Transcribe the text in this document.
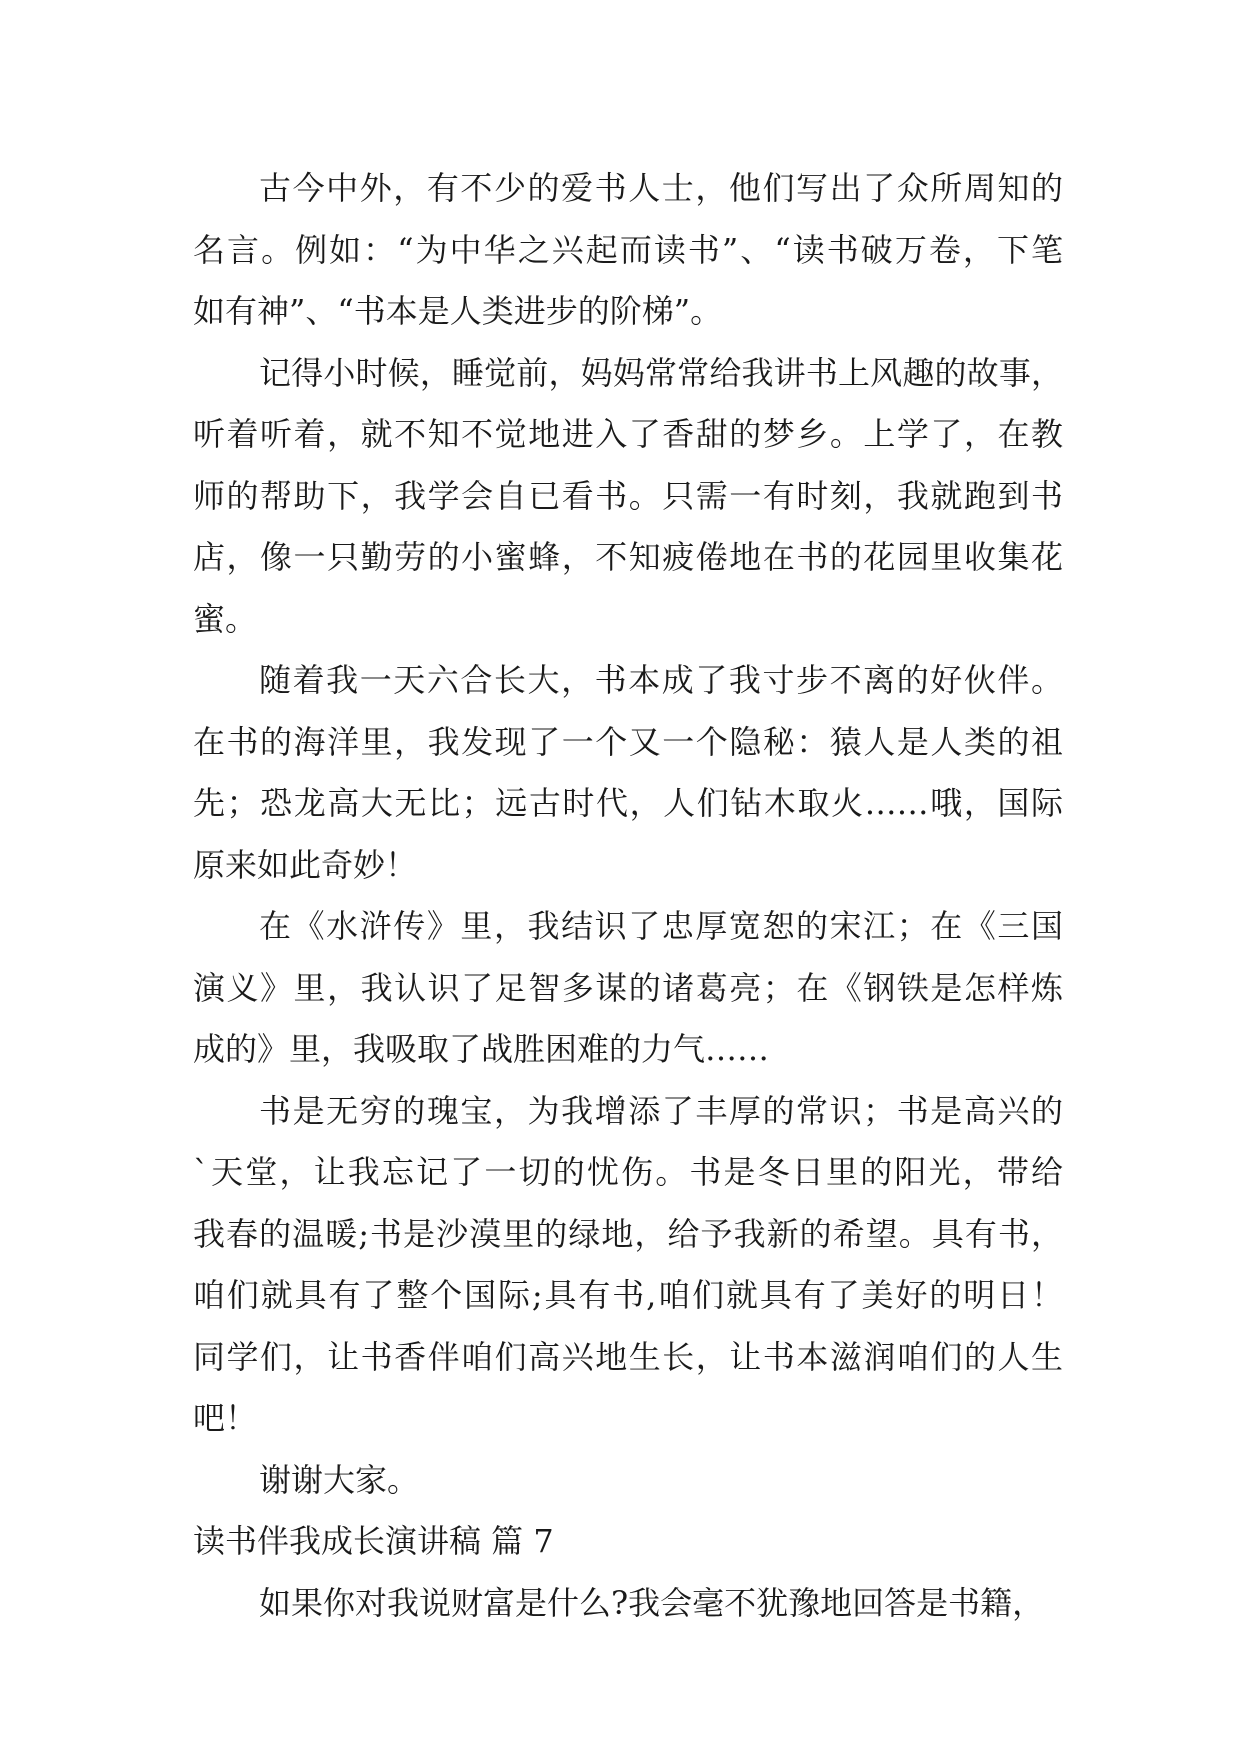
古今中外，有不少的爱书人士，他们写出了众所周知的
名言。例如：“为中华之兴起而读书”、“读书破万卷，下笔
如有神”、“书本是人类进步的阶梯”。
记得小时候，睡觉前，妈妈常常给我讲书上风趣的故事，
听着听着，就不知不觉地进入了香甜的梦乡。上学了，在教
师的帮助下，我学会自已看书。只需一有时刻，我就跑到书
店，像一只勤劳的小蜜蜂，不知疲倦地在书的花园里收集花
蜜。
随着我一天六合长大，书本成了我寸步不离的好伙伴。
在书的海洋里，我发现了一个又一个隐秘：猿人是人类的祖
先；恐龙高大无比；远古时代，人们钻木取火……哦，国际
原来如此奇妙！
在《水浒传》里，我结识了忠厚宽恕的宋江；在《三国
演义》里，我认识了足智多谋的诸葛亮；在《钢铁是怎样炼
成的》里，我吸取了战胜困难的力气……
书是无穷的瑰宝，为我增添了丰厚的常识；书是高兴的
`天堂，让我忘记了一切的忧伤。书是冬日里的阳光，带给
我春的温暖;书是沙漠里的绿地，给予我新的希望。具有书，
咱们就具有了整个国际;具有书,咱们就具有了美好的明日！
同学们，让书香伴咱们高兴地生长，让书本滋润咱们的人生
吧！
谢谢大家。
读书伴我成长演讲稿 篇 7
如果你对我说财富是什么?我会毫不犹豫地回答是书籍，
